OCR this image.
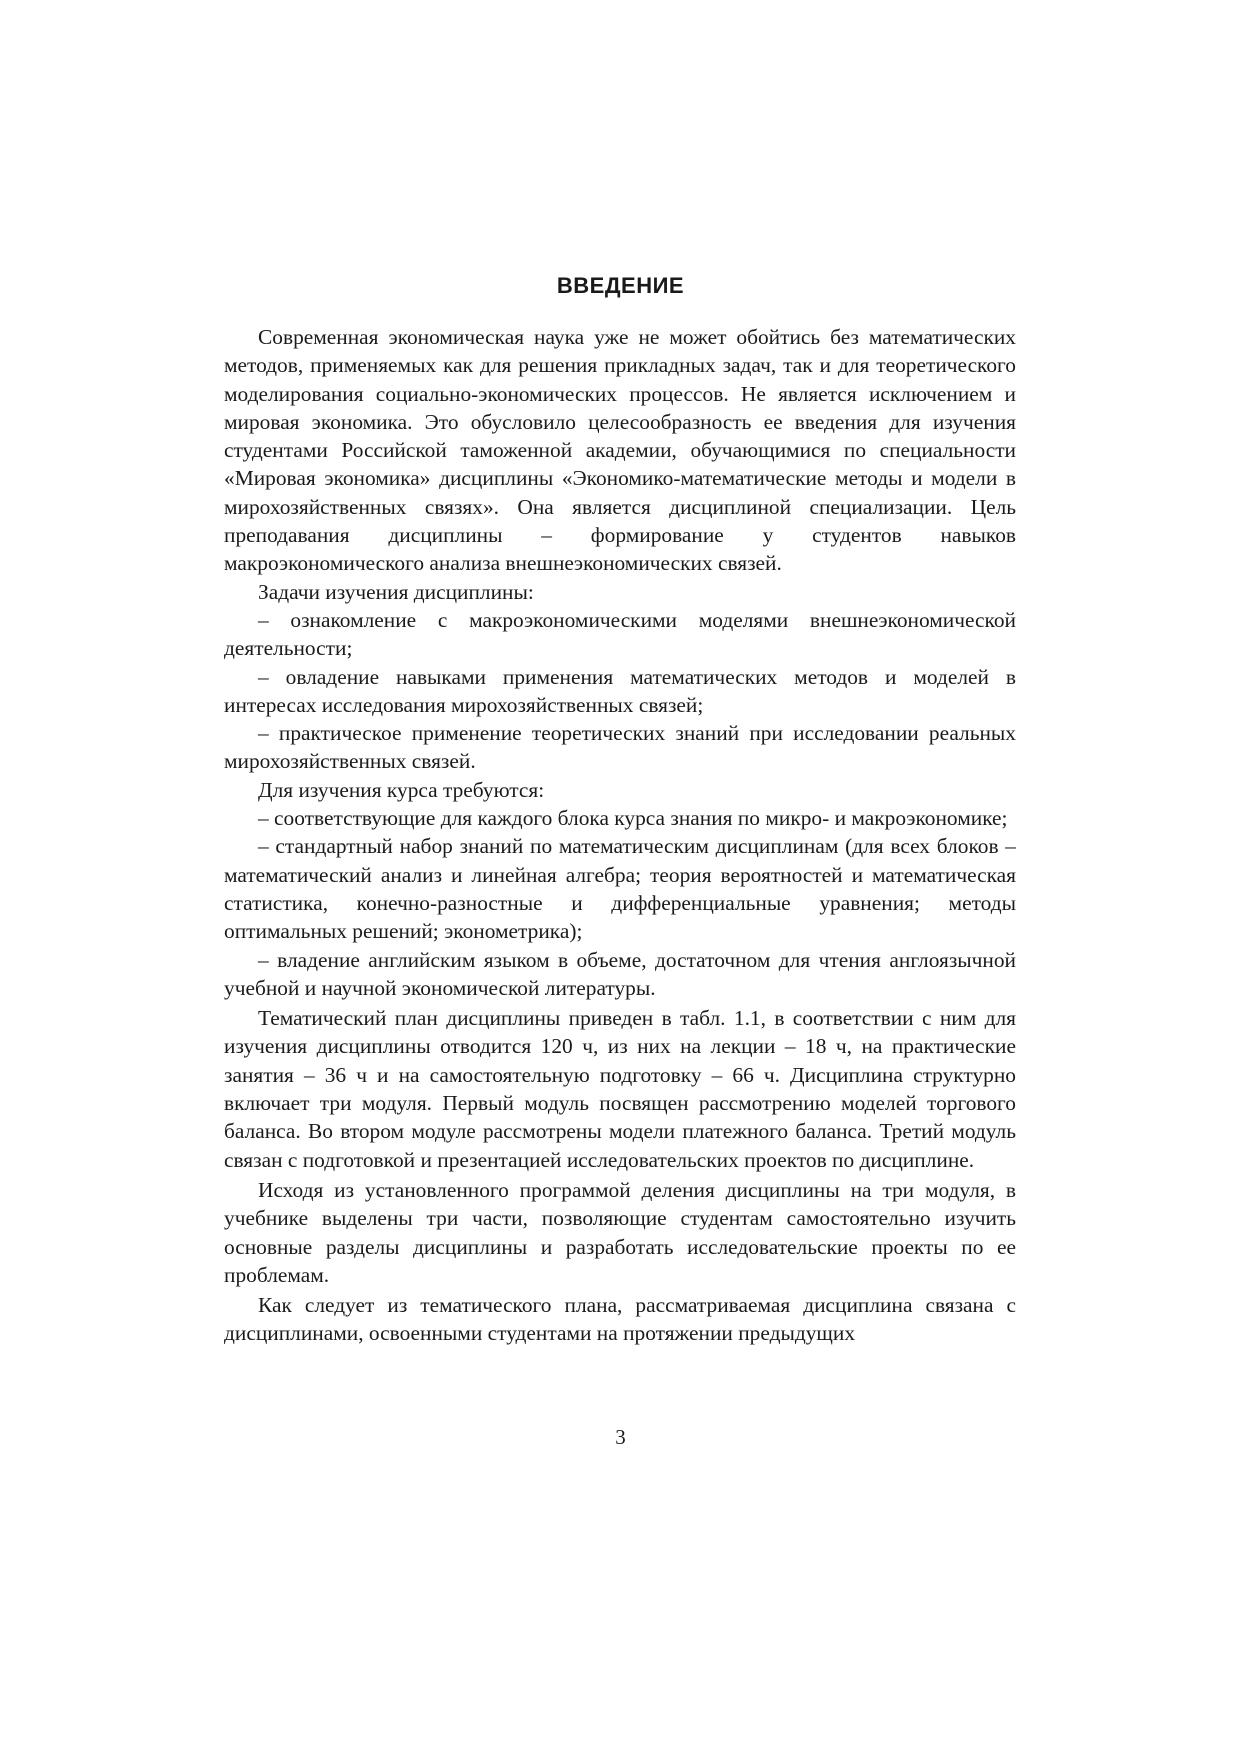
ВВЕДЕНИЕ

Современная экономическая наука уже не может обойтись без математических методов, применяемых как для решения прикладных задач, так и для теоретического моделирования социально-экономических процессов. Не является исключением и мировая экономика. Это обусловило целесообразность ее введения для изучения студентами Российской таможенной академии, обучающимися по специальности «Мировая экономика» дисциплины «Экономико-математические методы и модели в мирохозяйственных связях». Она является дисциплиной специализации. Цель преподавания дисциплины – формирование у студентов навыков макроэкономического анализа внешнеэкономических связей.

Задачи изучения дисциплины:

– ознакомление с макроэкономическими моделями внешнеэкономической деятельности;

– овладение навыками применения математических методов и моделей в интересах исследования мирохозяйственных связей;

– практическое применение теоретических знаний при исследовании реальных мирохозяйственных связей.

Для изучения курса требуются:

– соответствующие для каждого блока курса знания по микро- и макроэкономике;

– стандартный набор знаний по математическим дисциплинам (для всех блоков – математический анализ и линейная алгебра; теория вероятностей и математическая статистика, конечно-разностные и дифференциальные уравнения; методы оптимальных решений; эконометрика);

– владение английским языком в объеме, достаточном для чтения англоязычной учебной и научной экономической литературы.

Тематический план дисциплины приведен в табл. 1.1, в соответствии с ним для изучения дисциплины отводится 120 ч, из них на лекции – 18 ч, на практические занятия – 36 ч и на самостоятельную подготовку – 66 ч. Дисциплина структурно включает три модуля. Первый модуль посвящен рассмотрению моделей торгового баланса. Во втором модуле рассмотрены модели платежного баланса. Третий модуль связан с подготовкой и презентацией исследовательских проектов по дисциплине.

Исходя из установленного программой деления дисциплины на три модуля, в учебнике выделены три части, позволяющие студентам самостоятельно изучить основные разделы дисциплины и разработать исследовательские проекты по ее проблемам.

Как следует из тематического плана, рассматриваемая дисциплина связана с дисциплинами, освоенными студентами на протяжении предыдущих

3
